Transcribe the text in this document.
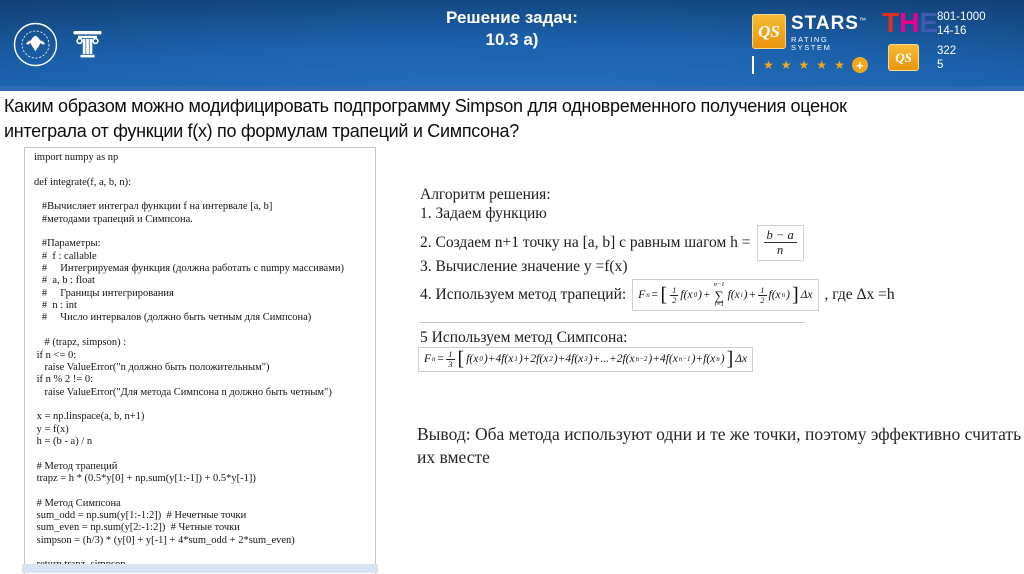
Решение задач:
10.3 а)	QS STARS™
RATING SYSTEM
★ ★ ★ ★ ★ +
THE
801-1000
14-16
QS	322
5
Каким образом можно модифицировать подпрограмму Simpson для одновременного получения оценок
интеграла от функции f(x) по формулам трапеций и Симпсона?
import numpy as np

def integrate(f, a, b, n):

#Вычисляет интеграл функции f на интервале [a, b]
#методами трапеций и Симпсона.

#Параметры:
#  f : callable
#     Интегрируемая функция (должна работать с numpy массивами)
#  a, b : float
#     Границы интегрирования
#  n : int
#     Число интервалов (должно быть четным для Симпсона)

# (trapz, simpson) :
if n <= 0:
raise ValueError("n должно быть положительным")
if n % 2 != 0:
raise ValueError("Для метода Симпсона n должно быть четным")

x = np.linspace(a, b, n+1)
y = f(x)
h = (b - a) / n

# Метод трапеций
trapz = h * (0.5*y[0] + np.sum(y[1:-1]) + 0.5*y[-1])

# Метод Симпсона
sum_odd = np.sum(y[1:-1:2])  # Нечетные точки
sum_even = np.sum(y[2:-1:2])  # Четные точки
simpson = (h/3) * (y[0] + y[-1] + 4*sum_odd + 2*sum_even)

Алгоритм решения:
1. Задаем функцию
2. Создаем n+1 точку на [a, b] с равным шагом $h = \frac{b - a}{n}$
3. Вычисление значение y =f(x)
4. Используем метод трапеций: F n = [ $\frac{1}{2} f(x$ 0 ) +
n−1
∑
i=1
f(x i ) + $\frac{1}{2} f(x$ n ) ] Δx , где Δx =h
5 Используем метод Симпсона:
F $n = \frac{1}{3}$ [ f(x 0 )+4f(x 1 )+2f(x 2 )+4f(x 3 )+...+2f(x n−2 )+4f(x n−1 )+f(x n ) ] Δx
Вывод: Оба метода используют одни и те же точки, поэтому эффективно считать их вместе
